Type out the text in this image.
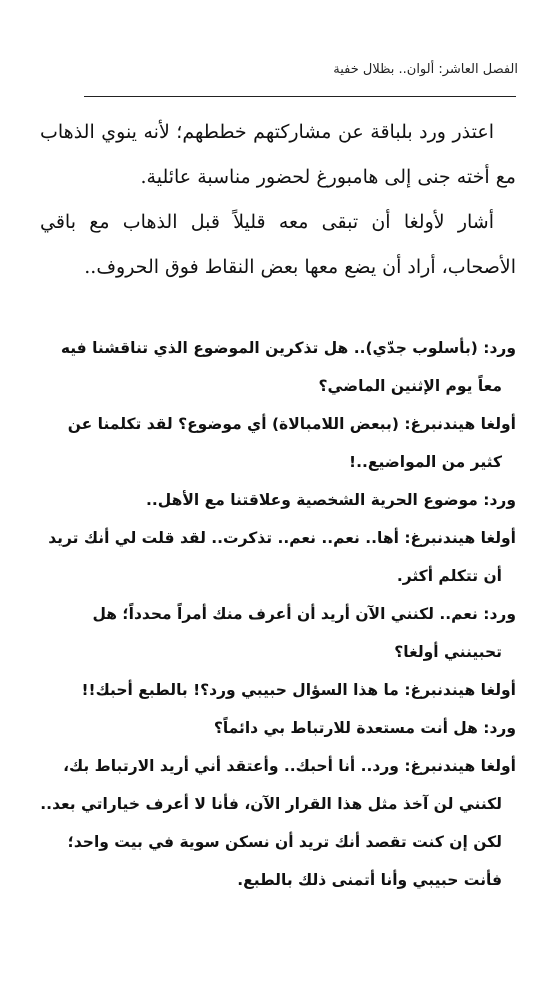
الفصل العاشر: ألوان.. بظلال خفية

اعتذر ورد بلباقة عن مشاركتهم خططهم؛ لأنه ينوي الذهاب مع أخته جنى إلى هامبورغ لحضور مناسبة عائلية.

أشار لأولغا أن تبقى معه قليلاً قبل الذهاب مع باقي الأصحاب، أراد أن يضع معها بعض النقاط فوق الحروف..

ورد: (بأسلوب جدّي).. هل تذكرين الموضوع الذي تناقشنا فيه معاً يوم الإثنين الماضي؟

أولغا هيندنبرغ: (ببعض اللامبالاة) أي موضوع؟ لقد تكلمنا عن كثير من المواضيع..!

ورد: موضوع الحرية الشخصية وعلاقتنا مع الأهل..

أولغا هيندنبرغ: أها.. نعم.. نعم.. تذكرت.. لقد قلت لي أنك تريد أن تتكلم أكثر.

ورد: نعم.. لكنني الآن أريد أن أعرف منك أمراً محدداً؛ هل تحبينني أولغا؟

أولغا هيندنبرغ: ما هذا السؤال حبيبي ورد؟! بالطبع أحبك!!

ورد: هل أنت مستعدة للارتباط بي دائماً؟

أولغا هيندنبرغ: ورد.. أنا أحبك.. وأعتقد أني أريد الارتباط بك، لكنني لن آخذ مثل هذا القرار الآن، فأنا لا أعرف خياراتي بعد.. لكن إن كنت تقصد أنك تريد أن نسكن سوية في بيت واحد؛ فأنت حبيبي وأنا أتمنى ذلك بالطبع.
